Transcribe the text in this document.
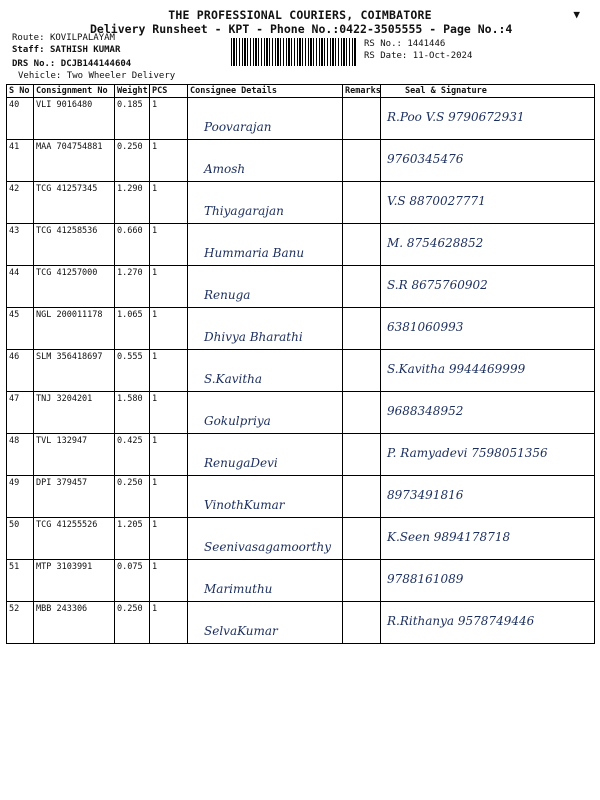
THE PROFESSIONAL COURIERS, COIMBATORE	▼
Delivery Runsheet - KPT - Phone No.:0422-3505555 - Page No.:4
Route: KOVILPALAYAM
Staff: SATHISH KUMAR
DRS No.: DCJB144144604
Vehicle: Two Wheeler Delivery
RS No.: 1441446
RS Date: 11-Oct-2024
S No	Consignment No	Weight	PCS	Consignee Details	Remarks	Seal & Signature
40	VLI 9016480	0.185	1	Poovarajan		R.Poo V.S 9790672931
41	MAA 704754881	0.250	1	Amosh		9760345476
42	TCG 41257345	1.290	1	Thiyagarajan		V.S 8870027771
43	TCG 41258536	0.660	1	Hummaria Banu		M. 8754628852
44	TCG 41257000	1.270	1	Renuga		S.R 8675760902
45	NGL 200011178	1.065	1	Dhivya Bharathi		6381060993
46	SLM 356418697	0.555	1	S.Kavitha		S.Kavitha 9944469999
47	TNJ 3204201	1.580	1	Gokulpriya		9688348952
48	TVL 132947	0.425	1	RenugaDevi		P. Ramyadevi 7598051356
49	DPI 379457	0.250	1	VinothKumar		8973491816
50	TCG 41255526	1.205	1	Seenivasagamoorthy		K.Seen 9894178718
51	MTP 3103991	0.075	1	Marimuthu		9788161089
52	MBB 243306	0.250	1	SelvaKumar		R.Rithanya 9578749446
